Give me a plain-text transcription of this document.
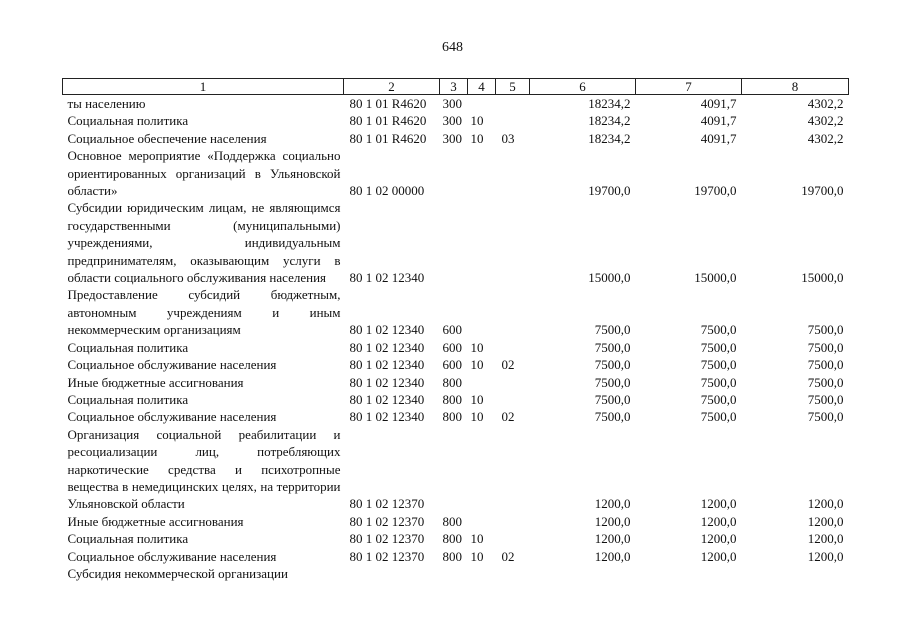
648
1	2	3	4	5	6	7	8
ты населению	80 1 01 R4620	300			18234,2	4091,7	4302,2
Социальная политика	80 1 01 R4620	300	10		18234,2	4091,7	4302,2
Социальное обеспечение населения	80 1 01 R4620	300	10	03	18234,2	4091,7	4302,2
Основное мероприятие «Поддержка социально ориентированных организаций в Ульяновской области»	80 1 02 00000				19700,0	19700,0	19700,0
Субсидии юридическим лицам, не являющимся государственными (муниципальными) учреждениями, индивидуальным предпринимателям, оказывающим услуги в области социального обслуживания населения	80 1 02 12340				15000,0	15000,0	15000,0
Предоставление субсидий бюджетным, автономным учреждениям и иным некоммерческим организациям	80 1 02 12340	600			7500,0	7500,0	7500,0
Социальная политика	80 1 02 12340	600	10		7500,0	7500,0	7500,0
Социальное обслуживание населения	80 1 02 12340	600	10	02	7500,0	7500,0	7500,0
Иные бюджетные ассигнования	80 1 02 12340	800			7500,0	7500,0	7500,0
Социальная политика	80 1 02 12340	800	10		7500,0	7500,0	7500,0
Социальное обслуживание населения	80 1 02 12340	800	10	02	7500,0	7500,0	7500,0
Организация социальной реабилитации и ресоциализации лиц, потребляющих наркотические средства и психотропные вещества в немедицинских целях, на территории Ульяновской области	80 1 02 12370				1200,0	1200,0	1200,0
Иные бюджетные ассигнования	80 1 02 12370	800			1200,0	1200,0	1200,0
Социальная политика	80 1 02 12370	800	10		1200,0	1200,0	1200,0
Социальное обслуживание населения	80 1 02 12370	800	10	02	1200,0	1200,0	1200,0
Субсидия некоммерческой организации							
